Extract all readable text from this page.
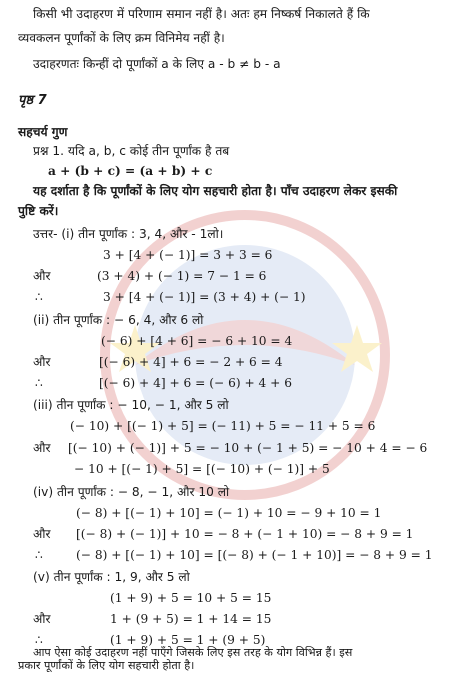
किसी भी उदाहरण में परिणाम समान नहीं है। अतः हम निष्कर्ष निकालते हैं कि
व्यवकलन पूर्णांकों के लिए क्रम विनिमेय नहीं है।
उदाहरणतः किन्हीं दो पूर्णांकों a के लिए a - b ≠ b - a
पृष्ठ 7
सहचर्य गुण
प्रश्न 1. यदि a, b, c कोई तीन पूर्णांक है तब
a + (b + c) = (a + b) + c
यह दर्शाता है कि पूर्णांकों के लिए योग सहचारी होता है। पाँच उदाहरण लेकर इसकी
पुष्टि करें।
उत्तर- (i) तीन पूर्णांक : 3, 4, और - 1लो।
3 + [4 + (− 1)] = 3 + 3 = 6
और	(3 + 4) + (− 1) = 7 − 1 = 6
∴	3 + [4 + (− 1)] = (3 + 4) + (− 1)
(ii) तीन पूर्णांक : − 6, 4, और 6 लो
(− 6) + [4 + 6] = − 6 + 10 = 4
और	[(− 6) + 4] + 6 = − 2 + 6 = 4
∴	[(− 6) + 4] + 6 = (− 6) + 4 + 6
(iii) तीन पूर्णांक : − 10, − 1, और 5 लो
(− 10) + [(− 1) + 5] = (− 11) + 5 = − 11 + 5 = 6
और [(− 10) + (− 1)] + 5 = − 10 + (− 1 + 5) = − 10 + 4 = − 6
− 10 + [(− 1) + 5] = [(− 10) + (− 1)] + 5
(iv) तीन पूर्णांक : − 8, − 1, और 10 लो
(− 8) + [(− 1) + 10] = (− 1) + 10 = − 9 + 10 = 1
और [(− 8) + (− 1)] + 10 = − 8 + (− 1 + 10) = − 8 + 9 = 1
∴	(− 8) + [(− 1) + 10] = [(− 8) + (− 1 + 10)] = − 8 + 9 = 1
(v) तीन पूर्णांक : 1, 9, और 5 लो
(1 + 9) + 5 = 10 + 5 = 15
और	1 + (9 + 5) = 1 + 14 = 15
∴	(1 + 9) + 5 = 1 + (9 + 5)
आप ऐसा कोई उदाहरण नहीं पाएँगे जिसके लिए इस तरह के योग विभिन्न हैं। इस
प्रकार पूर्णांकों के लिए योग सहचारी होता है।
